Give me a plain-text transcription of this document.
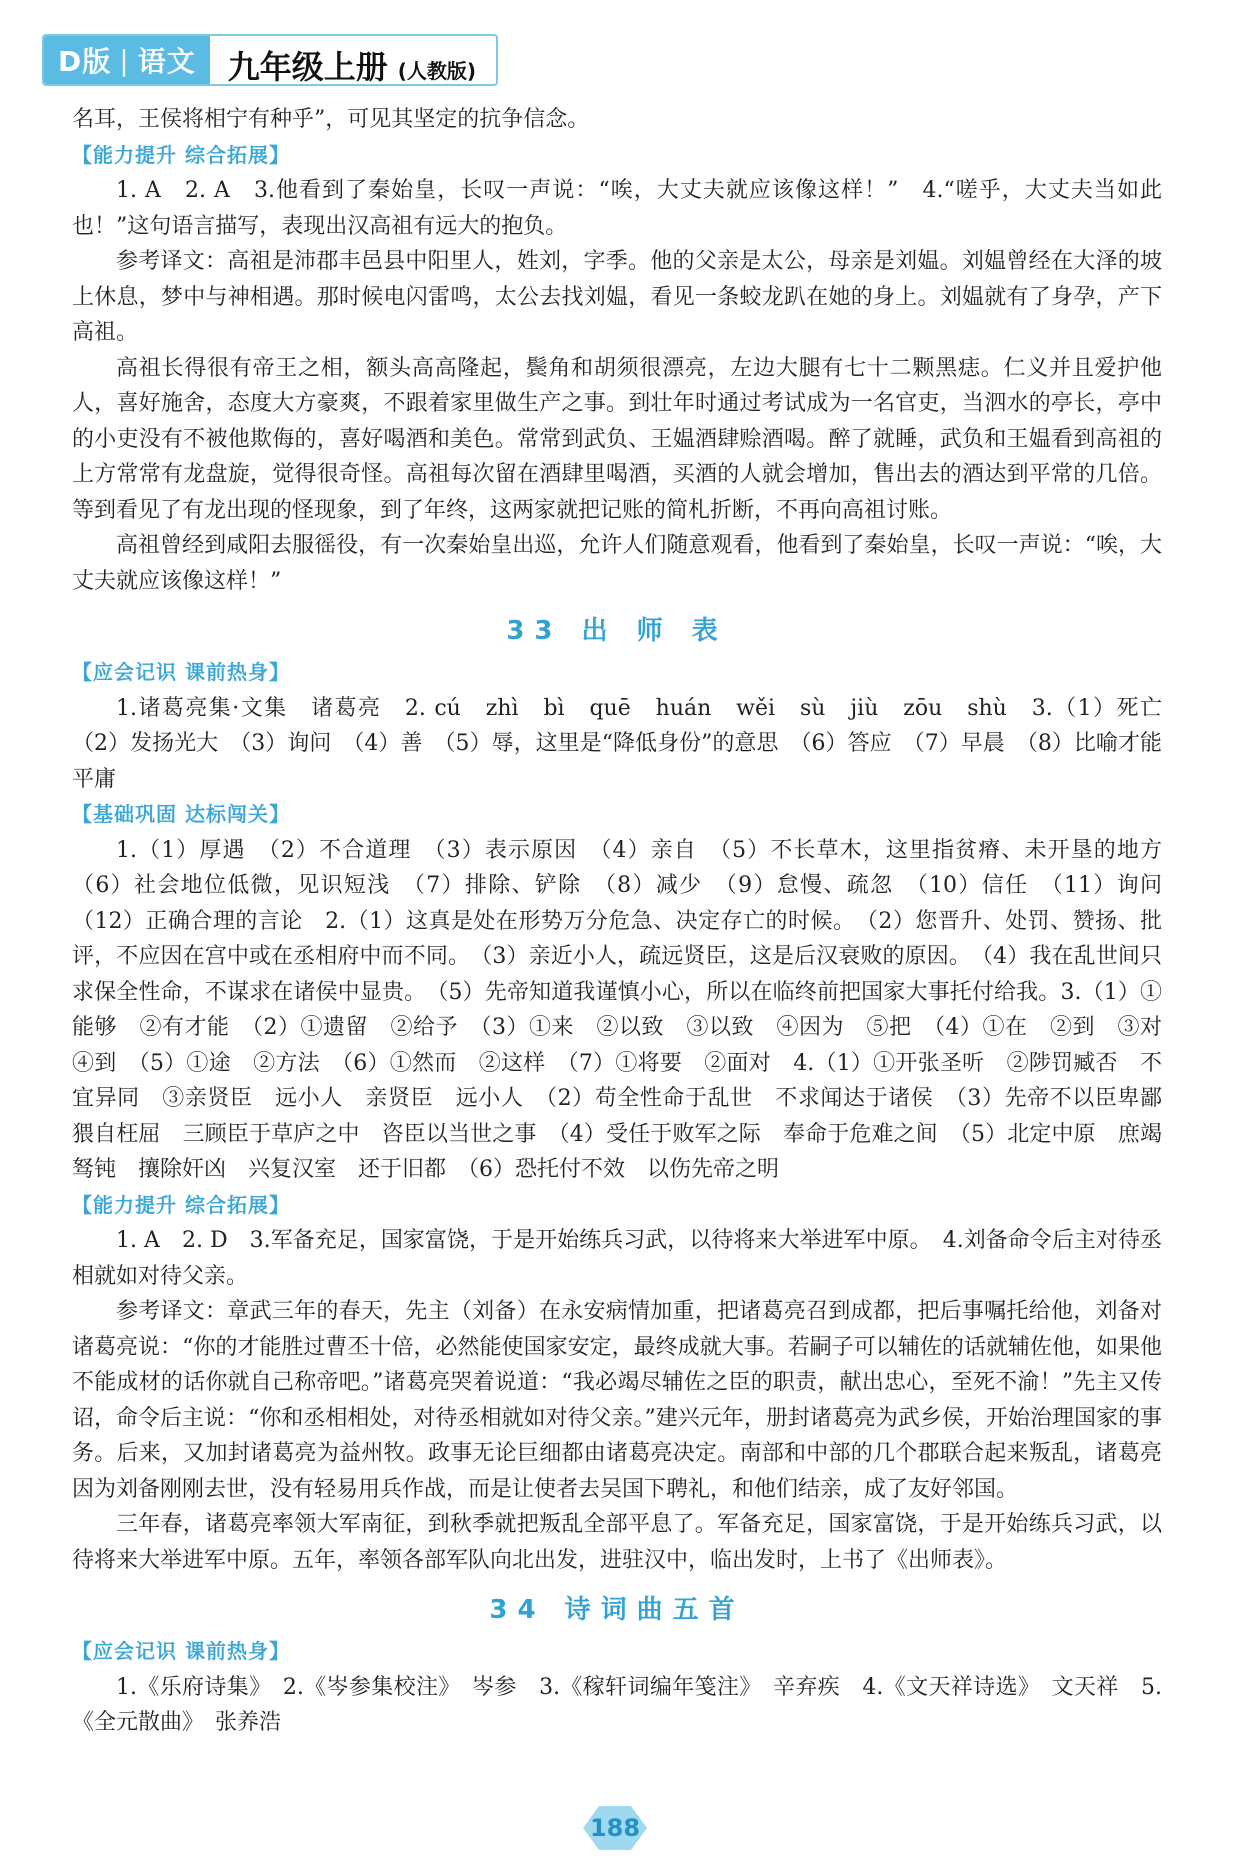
D版 | 语文 九年级上册 (人教版)

名耳，王侯将相宁有种乎”，可见其坚定的抗争信念。

【能力提升 综合拓展】

1. A　2. A　3.他看到了秦始皇，长叹一声说：“唉，大丈夫就应该像这样！”　4.“嗟乎，大丈夫当如此也！”这句语言描写，表现出汉高祖有远大的抱负。

参考译文：高祖是沛郡丰邑县中阳里人，姓刘，字季。他的父亲是太公，母亲是刘媪。刘媪曾经在大泽的坡上休息，梦中与神相遇。那时候电闪雷鸣，太公去找刘媪，看见一条蛟龙趴在她的身上。刘媪就有了身孕，产下高祖。

高祖长得很有帝王之相，额头高高隆起，鬓角和胡须很漂亮，左边大腿有七十二颗黑痣。仁义并且爱护他人，喜好施舍，态度大方豪爽，不跟着家里做生产之事。到壮年时通过考试成为一名官吏，当泗水的亭长，亭中的小吏没有不被他欺侮的，喜好喝酒和美色。常常到武负、王媪酒肆赊酒喝。醉了就睡，武负和王媪看到高祖的上方常常有龙盘旋，觉得很奇怪。高祖每次留在酒肆里喝酒，买酒的人就会增加，售出去的酒达到平常的几倍。等到看见了有龙出现的怪现象，到了年终，这两家就把记账的简札折断，不再向高祖讨账。

高祖曾经到咸阳去服徭役，有一次秦始皇出巡，允许人们随意观看，他看到了秦始皇，长叹一声说：“唉，大丈夫就应该像这样！”

33 出 师 表

【应会记识 课前热身】

1.诸葛亮集·文集　诸葛亮　2. cú　zhì　bì　quē　huán　wěi　sù　jiù　zōu　shù　3.（1）死亡　（2）发扬光大　（3）询问　（4）善　（5）辱，这里是“降低身份”的意思　（6）答应　（7）早晨　（8）比喻才能平庸

【基础巩固 达标闯关】

1.（1）厚遇　（2）不合道理　（3）表示原因　（4）亲自　（5）不长草木，这里指贫瘠、未开垦的地方　（6）社会地位低微，见识短浅　（7）排除、铲除　（8）减少　（9）怠慢、疏忽　（10）信任　（11）询问　（12）正确合理的言论　2.（1）这真是处在形势万分危急、决定存亡的时候。　（2）您晋升、处罚、赞扬、批评，不应因在宫中或在丞相府中而不同。　（3）亲近小人，疏远贤臣，这是后汉衰败的原因。　（4）我在乱世间只求保全性命，不谋求在诸侯中显贵。　（5）先帝知道我谨慎小心，所以在临终前把国家大事托付给我。3.（1）①能够　②有才能　（2）①遗留　②给予　（3）①来　②以致　③以致　④因为　⑤把　（4）①在　②到　③对　④到　（5）①途　②方法　（6）①然而　②这样　（7）①将要　②面对　4.（1）①开张圣听　②陟罚臧否　不宜异同　③亲贤臣　远小人　亲贤臣　远小人　（2）苟全性命于乱世　不求闻达于诸侯　（3）先帝不以臣卑鄙　猥自枉屈　三顾臣于草庐之中　咨臣以当世之事　（4）受任于败军之际　奉命于危难之间　（5）北定中原　庶竭驽钝　攘除奸凶　兴复汉室　还于旧都　（6）恐托付不效　以伤先帝之明

【能力提升 综合拓展】

1. A　2. D　3.军备充足，国家富饶，于是开始练兵习武，以待将来大举进军中原。　4.刘备命令后主对待丞相就如对待父亲。

参考译文：章武三年的春天，先主（刘备）在永安病情加重，把诸葛亮召到成都，把后事嘱托给他，刘备对诸葛亮说：“你的才能胜过曹丕十倍，必然能使国家安定，最终成就大事。若嗣子可以辅佐的话就辅佐他，如果他不能成材的话你就自己称帝吧。”诸葛亮哭着说道：“我必竭尽辅佐之臣的职责，献出忠心，至死不渝！”先主又传诏，命令后主说：“你和丞相相处，对待丞相就如对待父亲。”建兴元年，册封诸葛亮为武乡侯，开始治理国家的事务。后来，又加封诸葛亮为益州牧。政事无论巨细都由诸葛亮决定。南部和中部的几个郡联合起来叛乱，诸葛亮因为刘备刚刚去世，没有轻易用兵作战，而是让使者去吴国下聘礼，和他们结亲，成了友好邻国。

三年春，诸葛亮率领大军南征，到秋季就把叛乱全部平息了。军备充足，国家富饶，于是开始练兵习武，以待将来大举进军中原。五年，率领各部军队向北出发，进驻汉中，临出发时，上书了《出师表》。

34 诗词曲五首

【应会记识 课前热身】

1.《乐府诗集》　2.《岑参集校注》　岑参　3.《稼轩词编年笺注》　辛弃疾　4.《文天祥诗选》　文天祥　5.《全元散曲》　张养浩

188
